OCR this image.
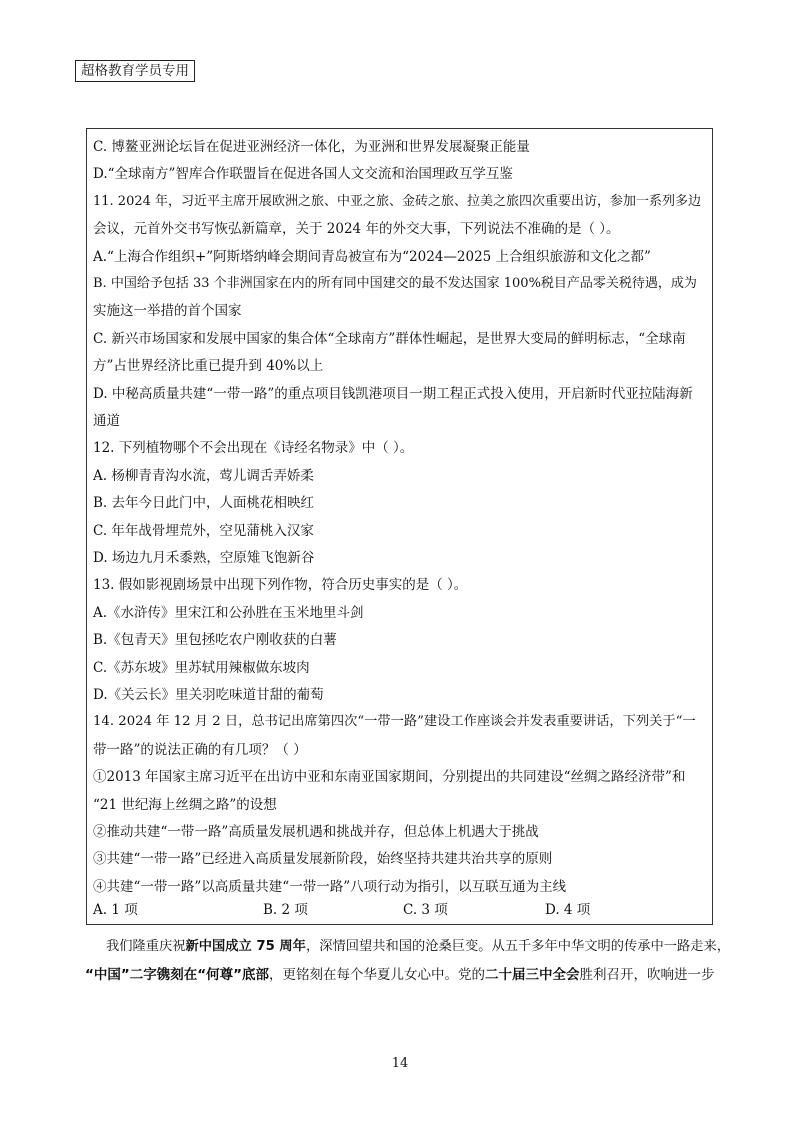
超格教育学员专用
C. 博鳌亚洲论坛旨在促进亚洲经济一体化，为亚洲和世界发展凝聚正能量
D.“全球南方”智库合作联盟旨在促进各国人文交流和治国理政互学互鉴
11. 2024 年，习近平主席开展欧洲之旅、中亚之旅、金砖之旅、拉美之旅四次重要出访，参加一系列多边
会议，元首外交书写恢弘新篇章，关于 2024 年的外交大事，下列说法不准确的是（ ）。
A.“上海合作组织+”阿斯塔纳峰会期间青岛被宣布为“2024—2025 上合组织旅游和文化之都”
B. 中国给予包括 33 个非洲国家在内的所有同中国建交的最不发达国家 100%税目产品零关税待遇，成为
实施这一举措的首个国家
C. 新兴市场国家和发展中国家的集合体“全球南方”群体性崛起，是世界大变局的鲜明标志，“全球南
方”占世界经济比重已提升到 40%以上
D. 中秘高质量共建“一带一路”的重点项目钱凯港项目一期工程正式投入使用，开启新时代亚拉陆海新
通道
12. 下列植物哪个不会出现在《诗经名物录》中（ ）。
A. 杨柳青青沟水流，莺儿调舌弄娇柔
B. 去年今日此门中，人面桃花相映红
C. 年年战骨埋荒外，空见蒲桃入汉家
D. 场边九月禾黍熟，空原雉飞饱新谷
13. 假如影视剧场景中出现下列作物，符合历史事实的是（ ）。
A.《水浒传》里宋江和公孙胜在玉米地里斗剑
B.《包青天》里包拯吃农户刚收获的白薯
C.《苏东坡》里苏轼用辣椒做东坡肉
D.《关云长》里关羽吃味道甘甜的葡萄
14. 2024 年 12 月 2 日，总书记出席第四次“一带一路”建设工作座谈会并发表重要讲话，下列关于“一
带一路”的说法正确的有几项？（ ）
①2013 年国家主席习近平在出访中亚和东南亚国家期间，分别提出的共同建设“丝绸之路经济带”和
“21 世纪海上丝绸之路”的设想
②推动共建“一带一路”高质量发展机遇和挑战并存，但总体上机遇大于挑战
③共建“一带一路”已经进入高质量发展新阶段，始终坚持共建共治共享的原则
④共建“一带一路”以高质量共建“一带一路”八项行动为指引，以互联互通为主线
A. 1 项	B. 2 项	C. 3 项	D. 4 项
我们隆重庆祝新中国成立 75 周年，深情回望共和国的沧桑巨变。从五千多年中华文明的传承中一路走来，
“中国”二字镌刻在“何尊”底部，更铭刻在每个华夏儿女心中。党的二十届三中全会胜利召开，吹响进一步
14
